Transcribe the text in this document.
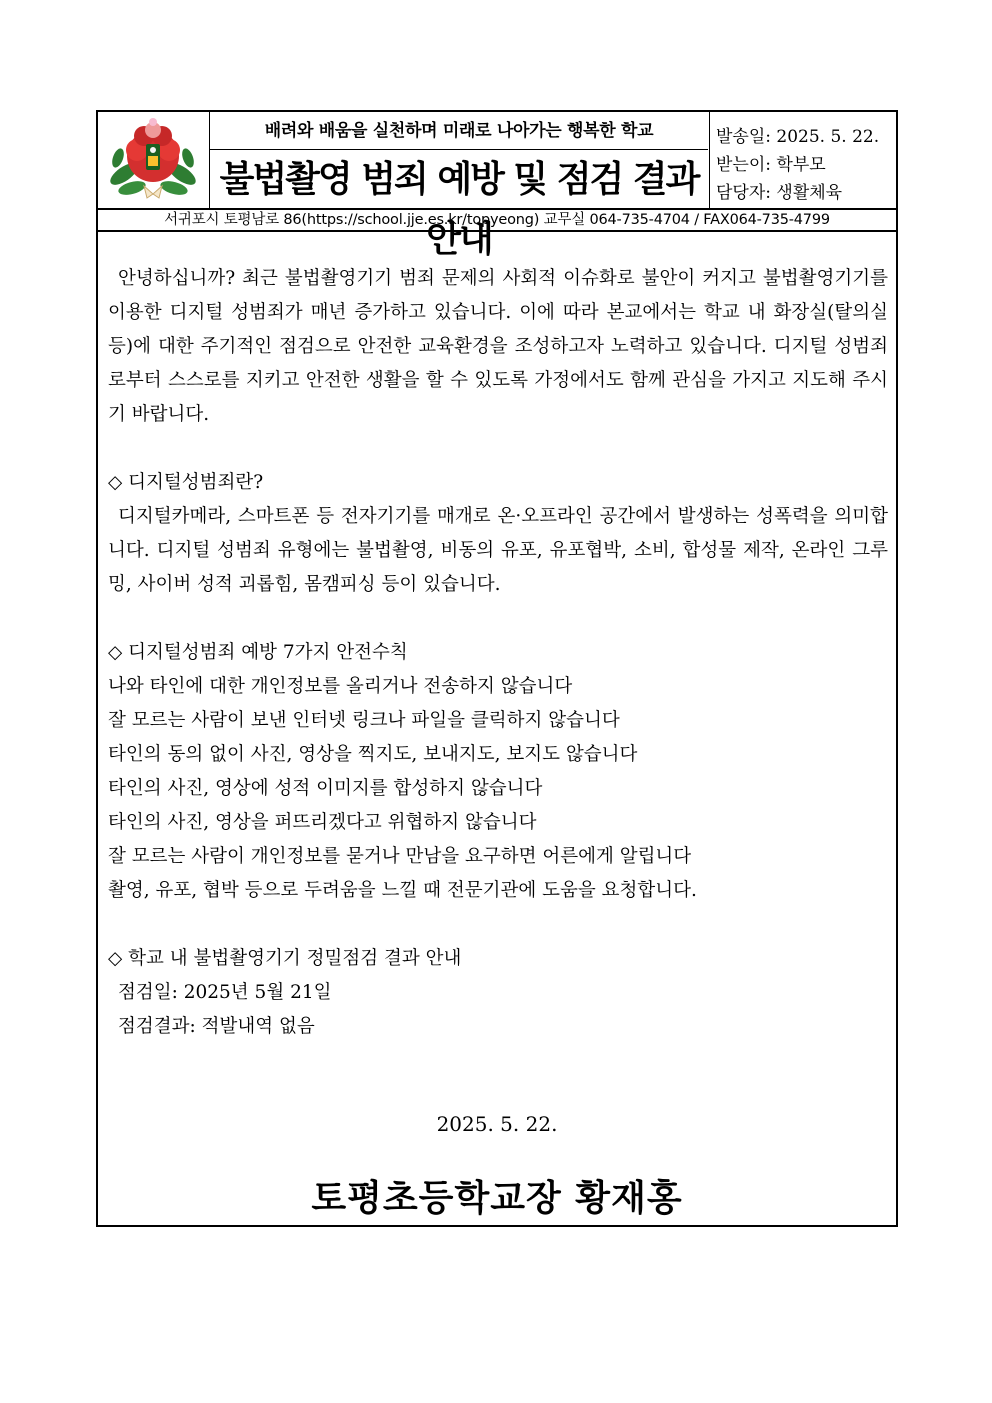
배려와 배움을 실천하며 미래로 나아가는 행복한 학교
불법촬영 범죄 예방 및 점검 결과 안내
발송일: 2025. 5. 22.
받는이: 학부모
담당자: 생활체육
서귀포시 토평남로 86(https://school.jje.es.kr/topyeong) 교무실 064-735-4704 / FAX064-735-4799

안녕하십니까? 최근 불법촬영기기 범죄 문제의 사회적 이슈화로 불안이 커지고 불법촬영기기를 이용한 디지털 성범죄가 매년 증가하고 있습니다. 이에 따라 본교에서는 학교 내 화장실(탈의실 등)에 대한 주기적인 점검으로 안전한 교육환경을 조성하고자 노력하고 있습니다. 디지털 성범죄로부터 스스로를 지키고 안전한 생활을 할 수 있도록 가정에서도 함께 관심을 가지고 지도해 주시기 바랍니다.

◇ 디지털성범죄란?

디지털카메라, 스마트폰 등 전자기기를 매개로 온·오프라인 공간에서 발생하는 성폭력을 의미합니다. 디지털 성범죄 유형에는 불법촬영, 비동의 유포, 유포협박, 소비, 합성물 제작, 온라인 그루밍, 사이버 성적 괴롭힘, 몸캠피싱 등이 있습니다.

◇ 디지털성범죄 예방 7가지 안전수칙

나와 타인에 대한 개인정보를 올리거나 전송하지 않습니다

잘 모르는 사람이 보낸 인터넷 링크나 파일을 클릭하지 않습니다

타인의 동의 없이 사진, 영상을 찍지도, 보내지도, 보지도 않습니다

타인의 사진, 영상에 성적 이미지를 합성하지 않습니다

타인의 사진, 영상을 퍼뜨리겠다고 위협하지 않습니다

잘 모르는 사람이 개인정보를 묻거나 만남을 요구하면 어른에게 알립니다

촬영, 유포, 협박 등으로 두려움을 느낄 때 전문기관에 도움을 요청합니다.

◇ 학교 내 불법촬영기기 정밀점검 결과 안내

점검일: 2025년 5월 21일

점검결과: 적발내역 없음

2025. 5. 22.
토평초등학교장 황재홍
